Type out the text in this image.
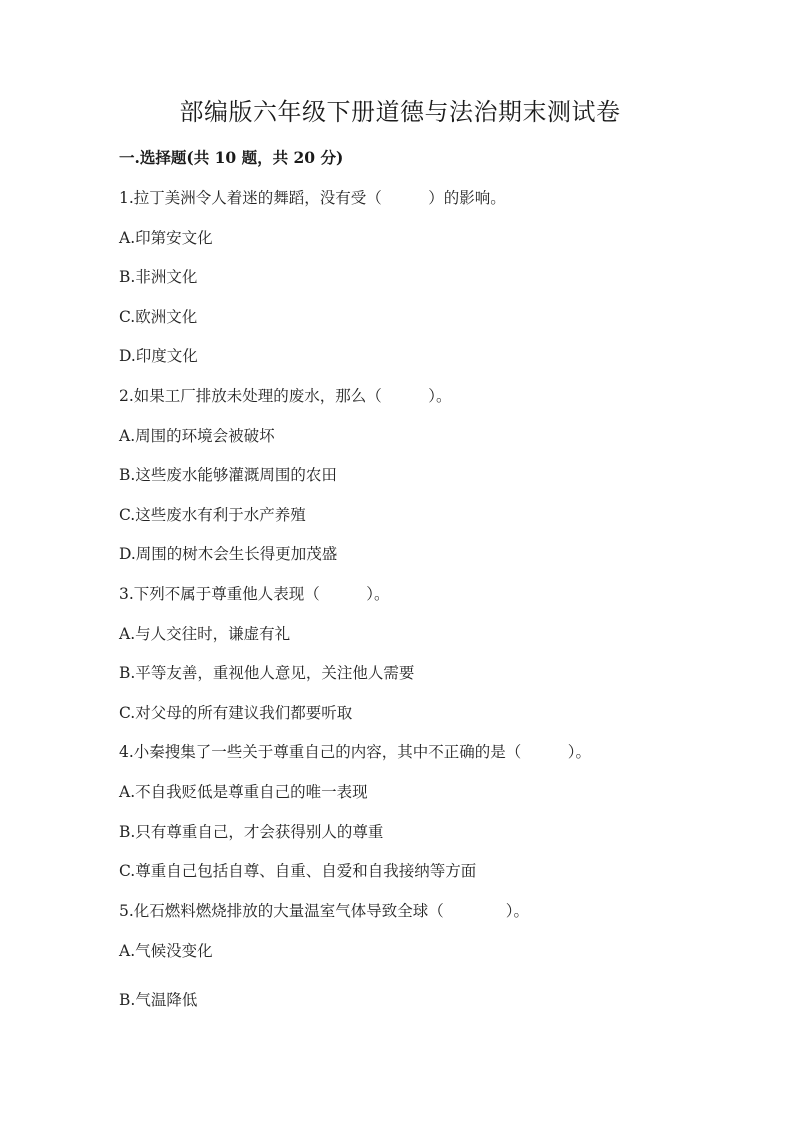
部编版六年级下册道德与法治期末测试卷
一.选择题(共 10 题，共 20 分)
1.拉丁美洲令人着迷的舞蹈，没有受（　　　）的影响。
A.印第安文化
B.非洲文化
C.欧洲文化
D.印度文化
2.如果工厂排放未处理的废水，那么（　　　）。
A.周围的环境会被破坏
B.这些废水能够灌溉周围的农田
C.这些废水有利于水产养殖
D.周围的树木会生长得更加茂盛
3.下列不属于尊重他人表现（　　　）。
A.与人交往时，谦虚有礼
B.平等友善，重视他人意见，关注他人需要
C.对父母的所有建议我们都要听取
4.小秦搜集了一些关于尊重自己的内容，其中不正确的是（　　　）。
A.不自我贬低是尊重自己的唯一表现
B.只有尊重自己，才会获得别人的尊重
C.尊重自己包括自尊、自重、自爱和自我接纳等方面
5.化石燃料燃烧排放的大量温室气体导致全球（　　　　）。
A.气候没变化
B.气温降低
